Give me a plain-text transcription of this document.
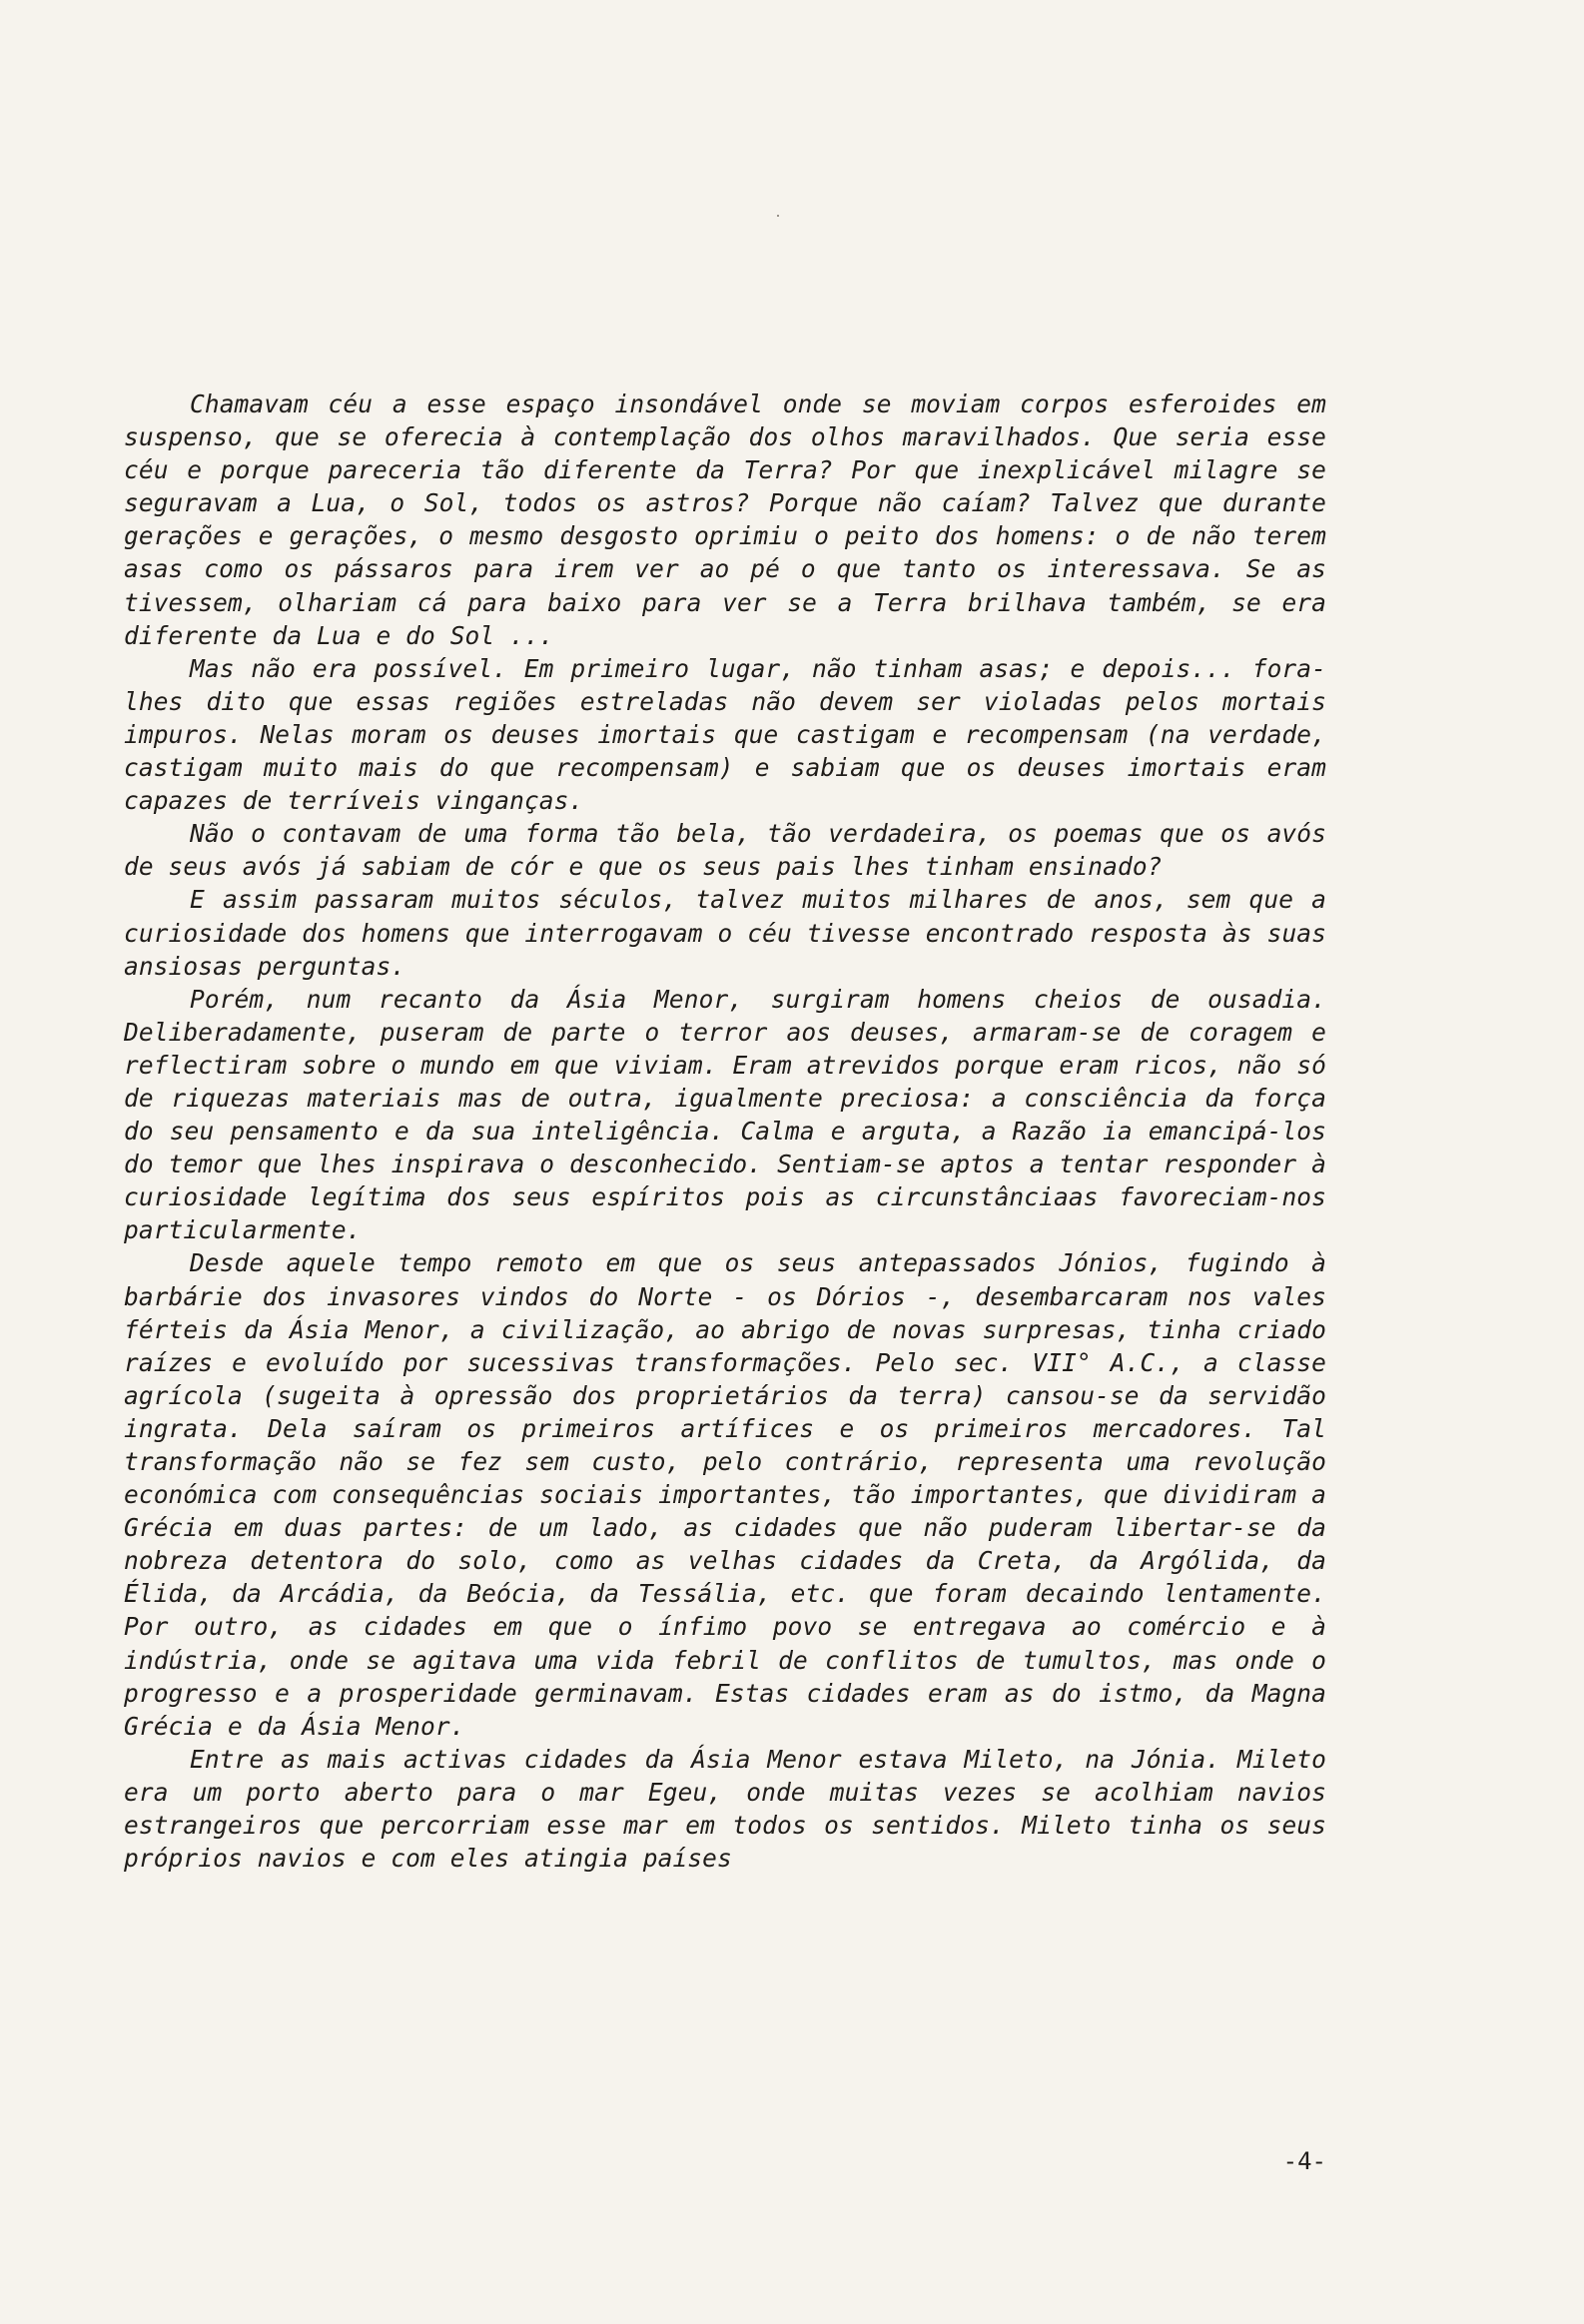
Chamavam céu a esse espaço insondável onde se moviam corpos esferoides em suspenso, que se oferecia à contemplação dos olhos maravilhados. Que seria esse céu e porque pareceria tão diferente da Terra? Por que inexplicável milagre se seguravam a Lua, o Sol, todos os astros? Porque não caíam? Talvez que durante gerações e gerações, o mesmo desgosto oprimiu o peito dos homens: o de não terem asas como os pássaros para irem ver ao pé o que tanto os interessava. Se as tivessem, olhariam cá para baixo para ver se a Terra brilhava também, se era diferente da Lua e do Sol ...

Mas não era possível. Em primeiro lugar, não tinham asas; e depois... fora-lhes dito que essas regiões estreladas não devem ser violadas pelos mortais impuros. Nelas moram os deuses imortais que castigam e recompensam (na verdade, castigam muito mais do que recompensam) e sabiam que os deuses imortais eram capazes de terríveis vinganças.

Não o contavam de uma forma tão bela, tão verdadeira, os poemas que os avós de seus avós já sabiam de cór e que os seus pais lhes tinham ensinado?

E assim passaram muitos séculos, talvez muitos milhares de anos, sem que a curiosidade dos homens que interrogavam o céu tivesse encontrado resposta às suas ansiosas perguntas.

Porém, num recanto da Ásia Menor, surgiram homens cheios de ousadia. Deliberadamente, puseram de parte o terror aos deuses, armaram-se de coragem e reflectiram sobre o mundo em que viviam. Eram atrevidos porque eram ricos, não só de riquezas materiais mas de outra, igualmente preciosa: a consciência da força do seu pensamento e da sua inteligência. Calma e arguta, a Razão ia emancipá-los do temor que lhes inspirava o desconhecido. Sentiam-se aptos a tentar responder à curiosidade legítima dos seus espíritos pois as circunstânciaas favoreciam-nos particularmente.

Desde aquele tempo remoto em que os seus antepassados Jónios, fugindo à barbárie dos invasores vindos do Norte - os Dórios -, desembarcaram nos vales férteis da Ásia Menor, a civilização, ao abrigo de novas surpresas, tinha criado raízes e evoluído por sucessivas transformações. Pelo sec. VII° A.C., a classe agrícola (sugeita à opressão dos proprietários da terra) cansou-se da servidão ingrata. Dela saíram os primeiros artífices e os primeiros mercadores. Tal transformação não se fez sem custo, pelo contrário, representa uma revolução económica com consequências sociais importantes, tão importantes, que dividiram a Grécia em duas partes: de um lado, as cidades que não puderam libertar-se da nobreza detentora do solo, como as velhas cidades da Creta, da Argólida, da Élida, da Arcádia, da Beócia, da Tessália, etc. que foram decaindo lentamente. Por outro, as cidades em que o ínfimo povo se entregava ao comércio e à indústria, onde se agitava uma vida febril de conflitos de tumultos, mas onde o progresso e a prosperidade germinavam. Estas cidades eram as do istmo, da Magna Grécia e da Ásia Menor.

Entre as mais activas cidades da Ásia Menor estava Mileto, na Jónia. Mileto era um porto aberto para o mar Egeu, onde muitas vezes se acolhiam navios estrangeiros que percorriam esse mar em todos os sentidos. Mileto tinha os seus próprios navios e com eles atingia países

-4-
